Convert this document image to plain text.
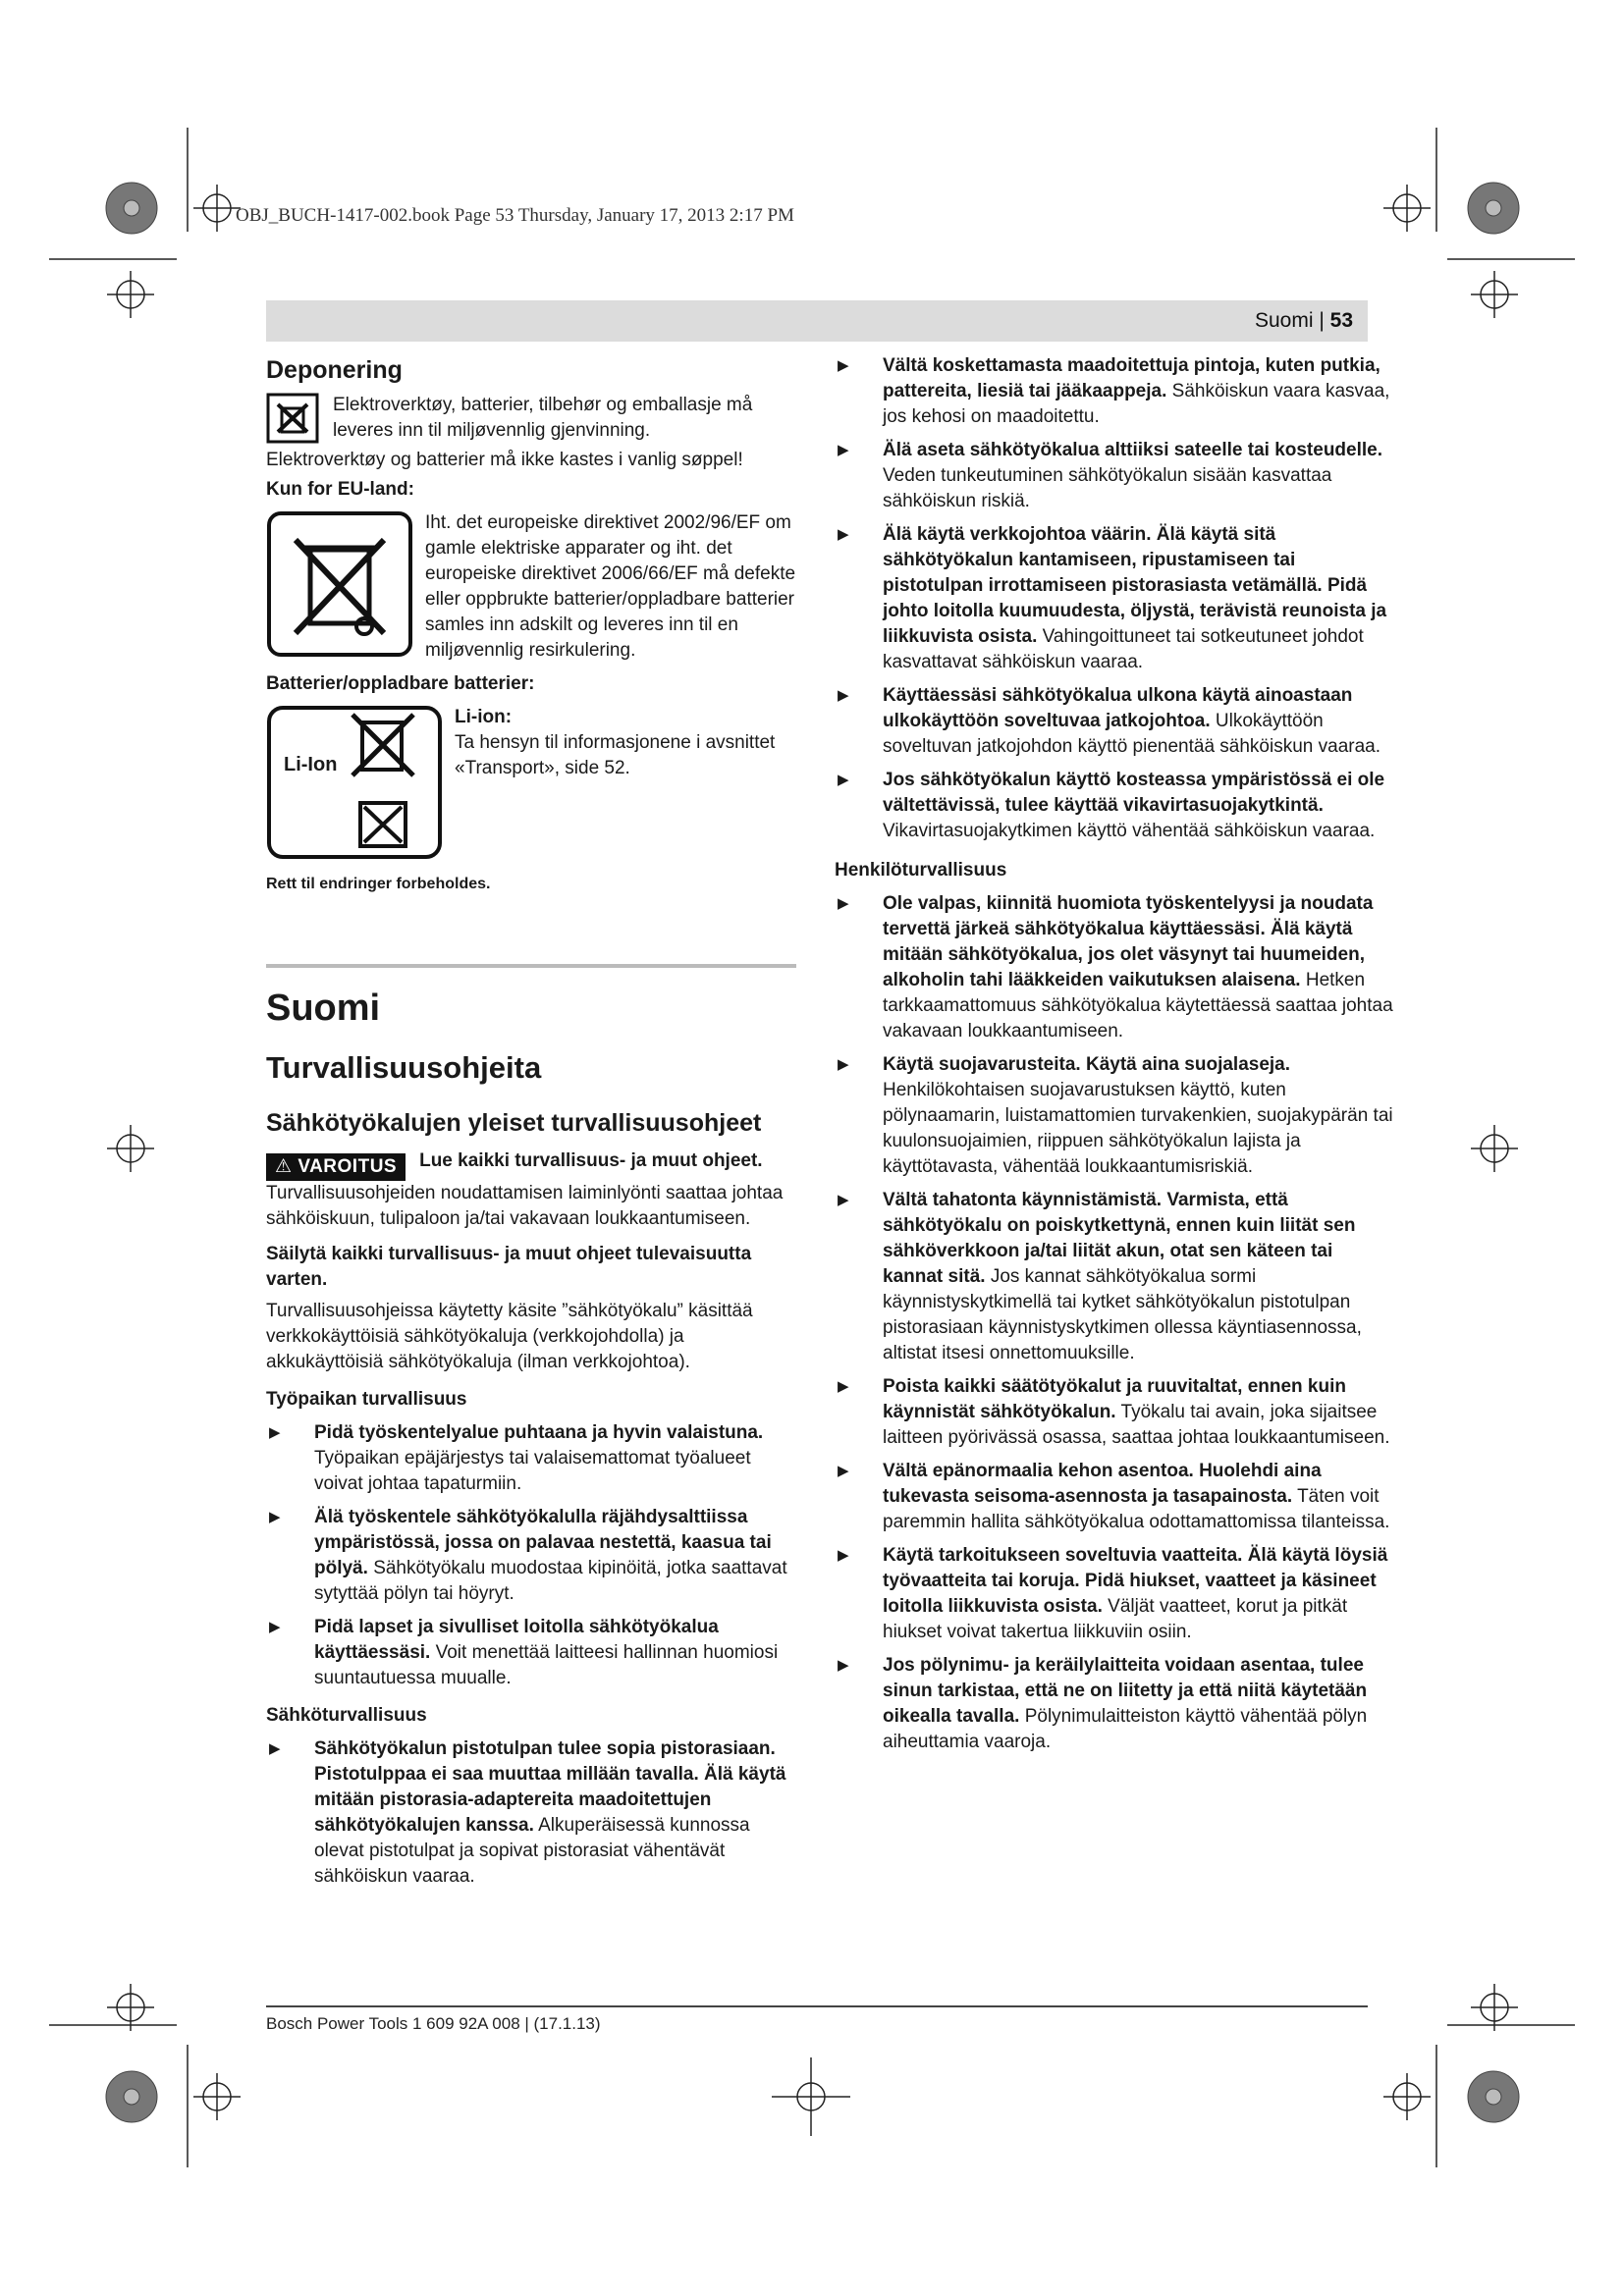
OBJ_BUCH-1417-002.book Page 53 Thursday, January 17, 2013 2:17 PM
Suomi | 53
Deponering

Elektroverktøy, batterier, tilbehør og emballasje må leveres inn til miljøvennlig gjenvinning.

Elektroverktøy og batterier må ikke kastes i vanlig søppel!

Kun for EU-land:

Iht. det europeiske direktivet 2002/96/EF om gamle elektriske apparater og iht. det europeiske direktivet 2006/66/EF må defekte eller oppbrukte batterier/oppladbare batterier samles inn adskilt og leveres inn til en miljøvennlig resirkulering.

Batterier/oppladbare batterier:
Li-Ion
Li-ion:

Ta hensyn til informasjonene i avsnittet «Transport», side 52.

Rett til endringer forbeholdes.

Suomi

Turvallisuusohjeita

Sähkötyökalujen yleiset turvallisuusohjeet

⚠ VAROITUS	Lue kaikki turvallisuus- ja muut ohjeet.

Turvallisuusohjeiden noudattamisen laiminlyönti saattaa johtaa sähköiskuun, tulipaloon ja/tai vakavaan loukkaantumiseen.

Säilytä kaikki turvallisuus- ja muut ohjeet tulevaisuutta varten.

Turvallisuusohjeissa käytetty käsite ”sähkötyökalu” käsittää verkkokäyttöisiä sähkötyökaluja (verkkojohdolla) ja akkukäyttöisiä sähkötyökaluja (ilman verkkojohtoa).

Työpaikan turvallisuus

▶	Pidä työskentelyalue puhtaana ja hyvin valaistuna. Työpaikan epäjärjestys tai valaisemattomat työalueet voivat johtaa tapaturmiin.
▶	Älä työskentele sähkötyökalulla räjähdysalttiissa ympäristössä, jossa on palavaa nestettä, kaasua tai pölyä. Sähkötyökalu muodostaa kipinöitä, jotka saattavat sytyttää pölyn tai höyryt.
▶	Pidä lapset ja sivulliset loitolla sähkötyökalua käyttäessäsi. Voit menettää laitteesi hallinnan huomiosi suuntautuessa muualle.

Sähköturvallisuus

▶	Sähkötyökalun pistotulpan tulee sopia pistorasiaan. Pistotulppaa ei saa muuttaa millään tavalla. Älä käytä mitään pistorasia-adaptereita maadoitettujen sähkötyökalujen kanssa. Alkuperäisessä kunnossa olevat pistotulpat ja sopivat pistorasiat vähentävät sähköiskun vaaraa.
▶	Vältä koskettamasta maadoitettuja pintoja, kuten putkia, pattereita, liesiä tai jääkaappeja. Sähköiskun vaara kasvaa, jos kehosi on maadoitettu.
▶	Älä aseta sähkötyökalua alttiiksi sateelle tai kosteudelle. Veden tunkeutuminen sähkötyökalun sisään kasvattaa sähköiskun riskiä.
▶	Älä käytä verkkojohtoa väärin. Älä käytä sitä sähkötyökalun kantamiseen, ripustamiseen tai pistotulpan irrottamiseen pistorasiasta vetämällä. Pidä johto loitolla kuumuudesta, öljystä, terävistä reunoista ja liikkuvista osista. Vahingoittuneet tai sotkeutuneet johdot kasvattavat sähköiskun vaaraa.
▶	Käyttäessäsi sähkötyökalua ulkona käytä ainoastaan ulkokäyttöön soveltuvaa jatkojohtoa. Ulkokäyttöön soveltuvan jatkojohdon käyttö pienentää sähköiskun vaaraa.
▶	Jos sähkötyökalun käyttö kosteassa ympäristössä ei ole vältettävissä, tulee käyttää vikavirtasuojakytkintä. Vikavirtasuojakytkimen käyttö vähentää sähköiskun vaaraa.

Henkilöturvallisuus

▶	Ole valpas, kiinnitä huomiota työskentelyysi ja noudata tervettä järkeä sähkötyökalua käyttäessäsi. Älä käytä mitään sähkötyökalua, jos olet väsynyt tai huumeiden, alkoholin tahi lääkkeiden vaikutuksen alaisena. Hetken tarkkaamattomuus sähkötyökalua käytettäessä saattaa johtaa vakavaan loukkaantumiseen.
▶	Käytä suojavarusteita. Käytä aina suojalaseja. Henkilökohtaisen suojavarustuksen käyttö, kuten pölynaamarin, luistamattomien turvakenkien, suojakypärän tai kuulonsuojaimien, riippuen sähkötyökalun lajista ja käyttötavasta, vähentää loukkaantumisriskiä.
▶	Vältä tahatonta käynnistämistä. Varmista, että sähkötyökalu on poiskytkettynä, ennen kuin liität sen sähköverkkoon ja/tai liität akun, otat sen käteen tai kannat sitä. Jos kannat sähkötyökalua sormi käynnistyskytkimellä tai kytket sähkötyökalun pistotulpan pistorasiaan käynnistyskytkimen ollessa käyntiasennossa, altistat itsesi onnettomuuksille.
▶	Poista kaikki säätötyökalut ja ruuvitaltat, ennen kuin käynnistät sähkötyökalun. Työkalu tai avain, joka sijaitsee laitteen pyörivässä osassa, saattaa johtaa loukkaantumiseen.
▶	Vältä epänormaalia kehon asentoa. Huolehdi aina tukevasta seisoma-asennosta ja tasapainosta. Täten voit paremmin hallita sähkötyökalua odottamattomissa tilanteissa.
▶	Käytä tarkoitukseen soveltuvia vaatteita. Älä käytä löysiä työvaatteita tai koruja. Pidä hiukset, vaatteet ja käsineet loitolla liikkuvista osista. Väljät vaatteet, korut ja pitkät hiukset voivat takertua liikkuviin osiin.
▶	Jos pölynimu- ja keräilylaitteita voidaan asentaa, tulee sinun tarkistaa, että ne on liitetty ja että niitä käytetään oikealla tavalla. Pölynimulaitteiston käyttö vähentää pölyn aiheuttamia vaaroja.
Bosch Power Tools 1 609 92A 008 | (17.1.13)
